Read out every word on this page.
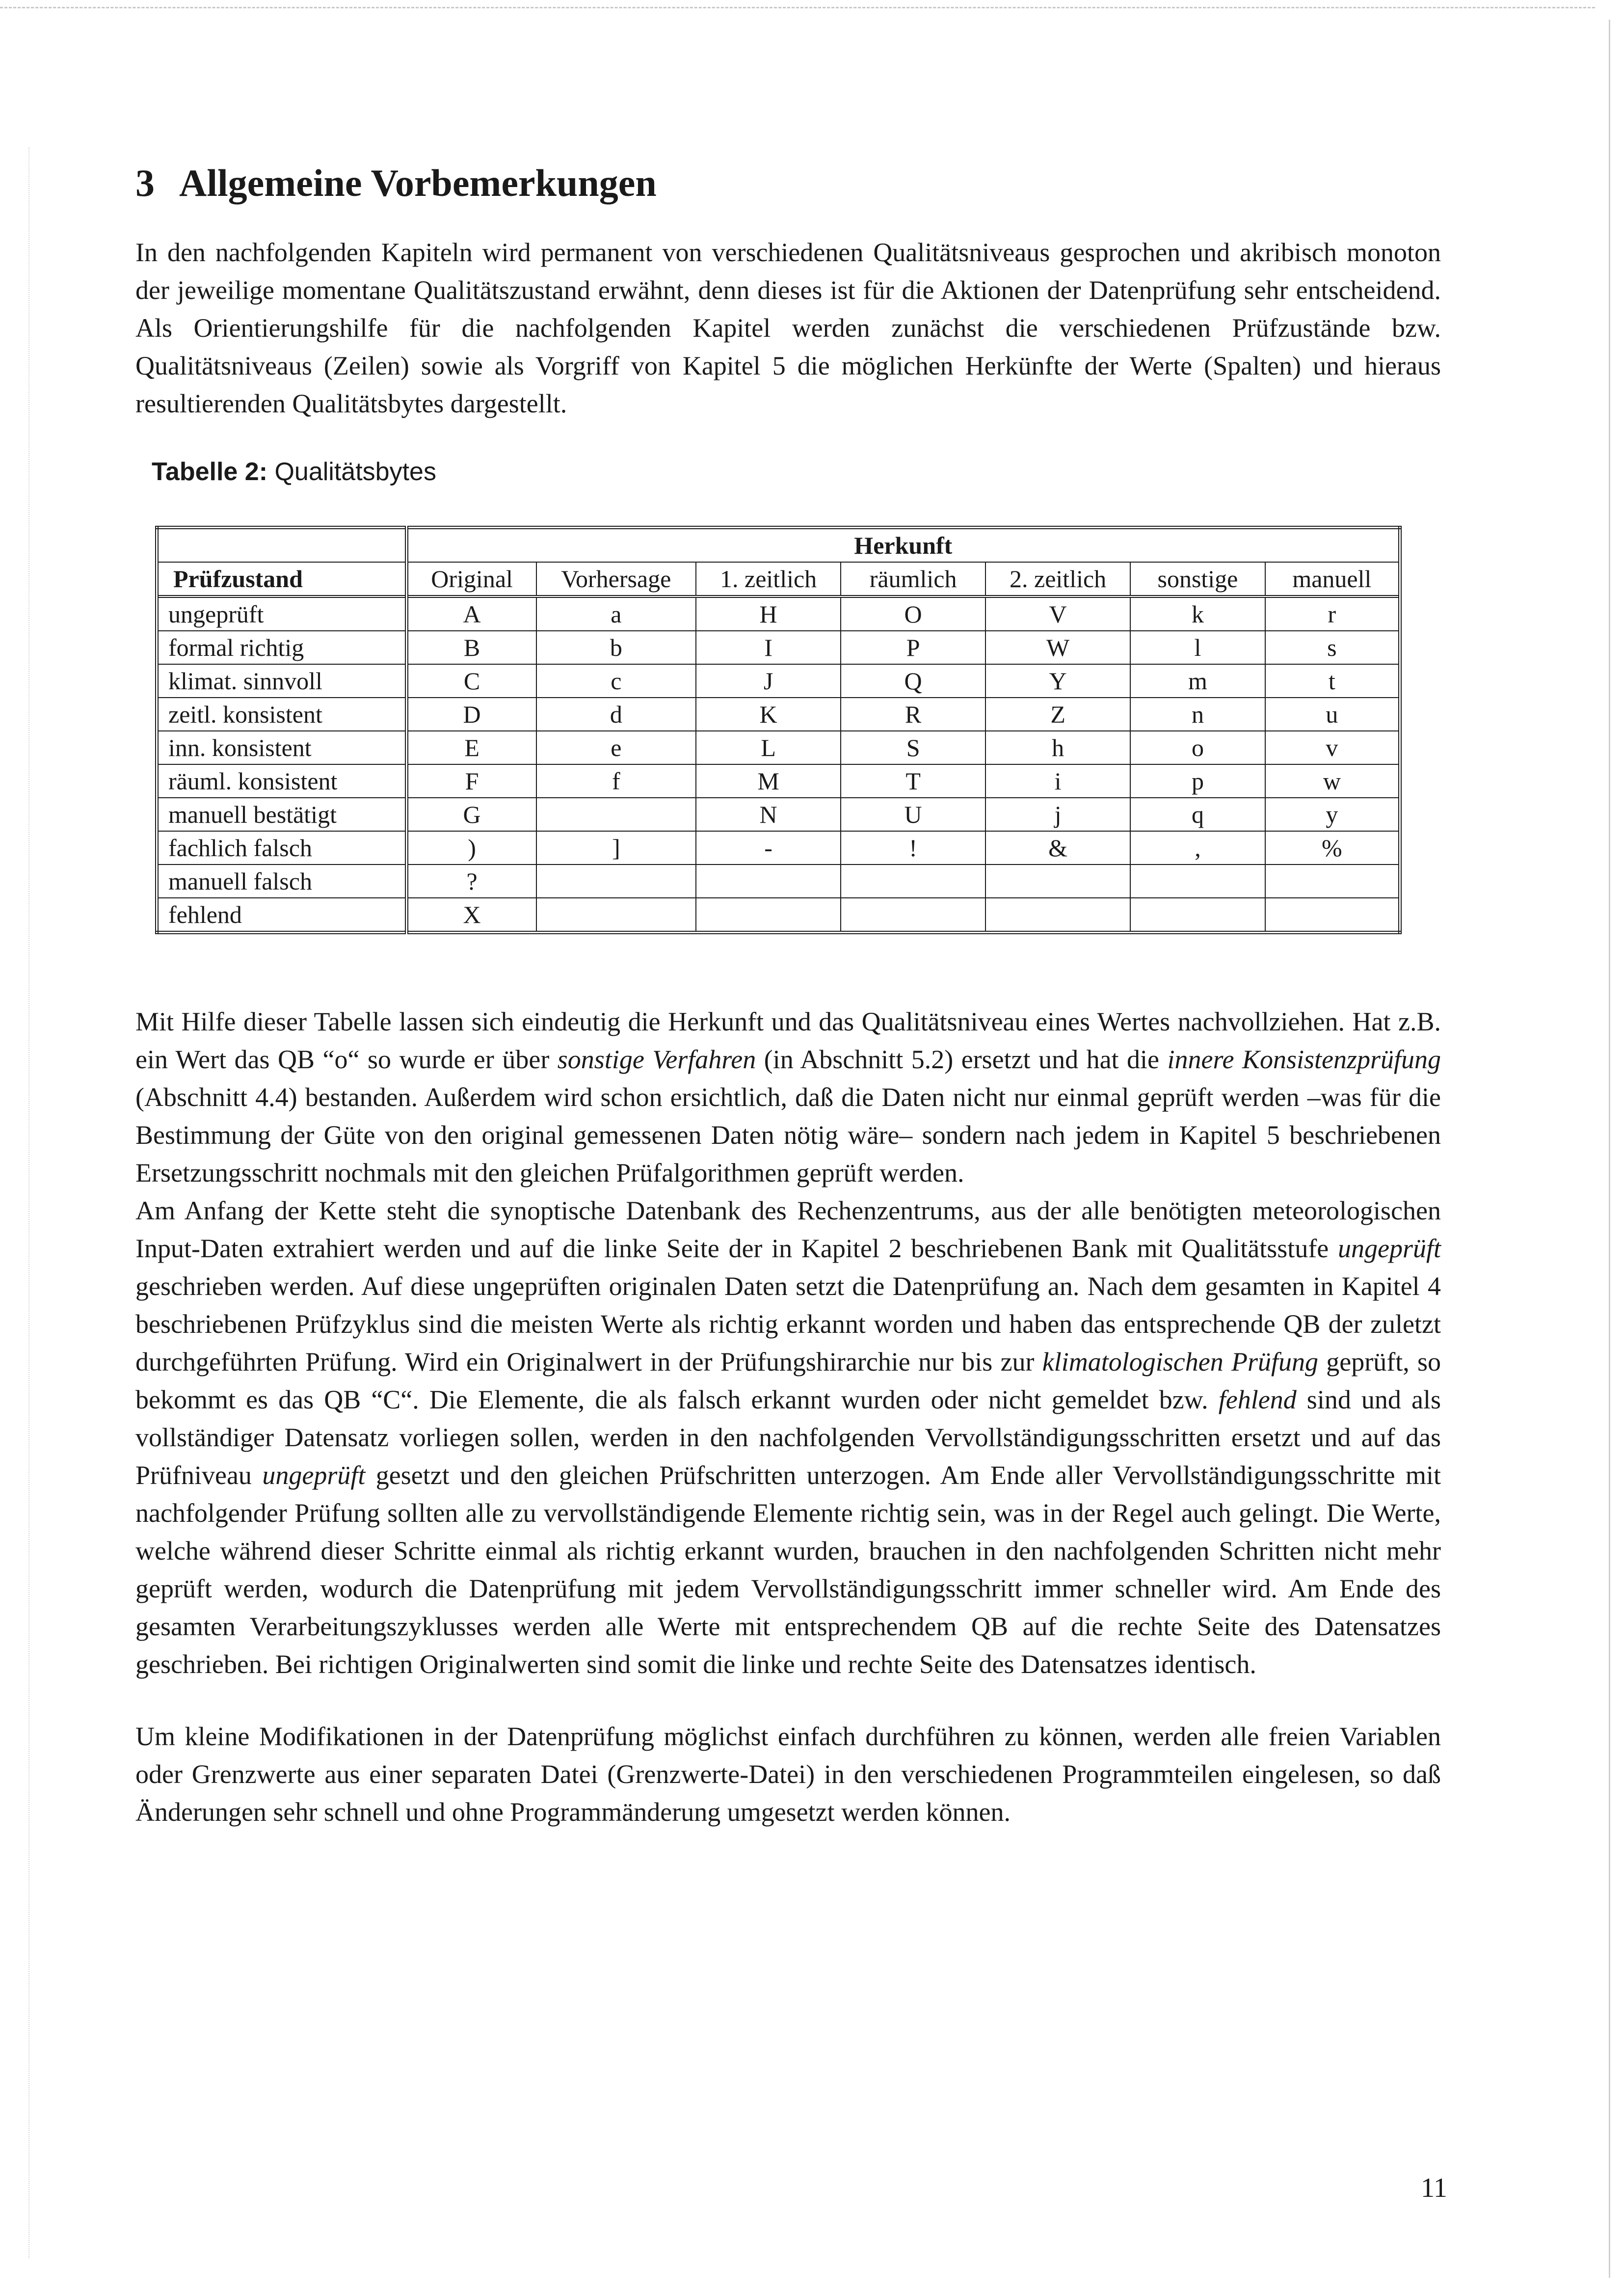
3 Allgemeine Vorbemerkungen

In den nachfolgenden Kapiteln wird permanent von verschiedenen Qualitätsniveaus gesprochen und akribisch monoton der jeweilige momentane Qualitätszustand erwähnt, denn dieses ist für die Aktionen der Datenprüfung sehr entscheidend. Als Orientierungshilfe für die nachfolgenden Kapitel werden zunächst die verschiedenen Prüfzustände bzw. Qualitätsniveaus (Zeilen) sowie als Vorgriff von Kapitel 5 die möglichen Herkünfte der Werte (Spalten) und hieraus resultierenden Qualitätsbytes dargestellt.

Tabelle 2: Qualitätsbytes
	Herkunft						
Prüfzustand	Original	Vorhersage	1. zeitlich	räumlich	2. zeitlich	sonstige	manuell
ungeprüft	A	a	H	O	V	k	r
formal richtig	B	b	I	P	W	l	s
klimat. sinnvoll	C	c	J	Q	Y	m	t
zeitl. konsistent	D	d	K	R	Z	n	u
inn. konsistent	E	e	L	S	h	o	v
räuml. konsistent	F	f	M	T	i	p	w
manuell bestätigt	G		N	U	j	q	y
fachlich falsch	)	]	-	!	&	,	%
manuell falsch	?						
fehlend	X						

Mit Hilfe dieser Tabelle lassen sich eindeutig die Herkunft und das Qualitätsniveau eines Wertes nachvollziehen. Hat z.B. ein Wert das QB “o“ so wurde er über sonstige Verfahren (in Abschnitt 5.2) ersetzt und hat die innere Konsistenzprüfung (Abschnitt 4.4) bestanden. Außerdem wird schon ersichtlich, daß die Daten nicht nur einmal geprüft werden –was für die Bestimmung der Güte von den original gemessenen Daten nötig wäre– sondern nach jedem in Kapitel 5 beschriebenen Ersetzungsschritt nochmals mit den gleichen Prüfalgorithmen geprüft werden.

Am Anfang der Kette steht die synoptische Datenbank des Rechenzentrums, aus der alle benötigten meteorologischen Input-Daten extrahiert werden und auf die linke Seite der in Kapitel 2 beschriebenen Bank mit Qualitätsstufe ungeprüft geschrieben werden. Auf diese ungeprüften originalen Daten setzt die Datenprüfung an. Nach dem gesamten in Kapitel 4 beschriebenen Prüfzyklus sind die meisten Werte als richtig erkannt worden und haben das entsprechende QB der zuletzt durchgeführten Prüfung. Wird ein Originalwert in der Prüfungshirarchie nur bis zur klimatologischen Prüfung geprüft, so bekommt es das QB “C“. Die Elemente, die als falsch erkannt wurden oder nicht gemeldet bzw. fehlend sind und als vollständiger Datensatz vorliegen sollen, werden in den nachfolgenden Vervollständigungsschritten ersetzt und auf das Prüfniveau ungeprüft gesetzt und den gleichen Prüfschritten unterzogen. Am Ende aller Vervollständigungsschritte mit nachfolgender Prüfung sollten alle zu vervollständigende Elemente richtig sein, was in der Regel auch gelingt. Die Werte, welche während dieser Schritte einmal als richtig erkannt wurden, brauchen in den nachfolgenden Schritten nicht mehr geprüft werden, wodurch die Datenprüfung mit jedem Vervollständigungsschritt immer schneller wird. Am Ende des gesamten Verarbeitungszyklusses werden alle Werte mit entsprechendem QB auf die rechte Seite des Datensatzes geschrieben. Bei richtigen Originalwerten sind somit die linke und rechte Seite des Datensatzes identisch.

Um kleine Modifikationen in der Datenprüfung möglichst einfach durchführen zu können, werden alle freien Variablen oder Grenzwerte aus einer separaten Datei (Grenzwerte-Datei) in den verschiedenen Programmteilen eingelesen, so daß Änderungen sehr schnell und ohne Programmänderung umgesetzt werden können.

11
